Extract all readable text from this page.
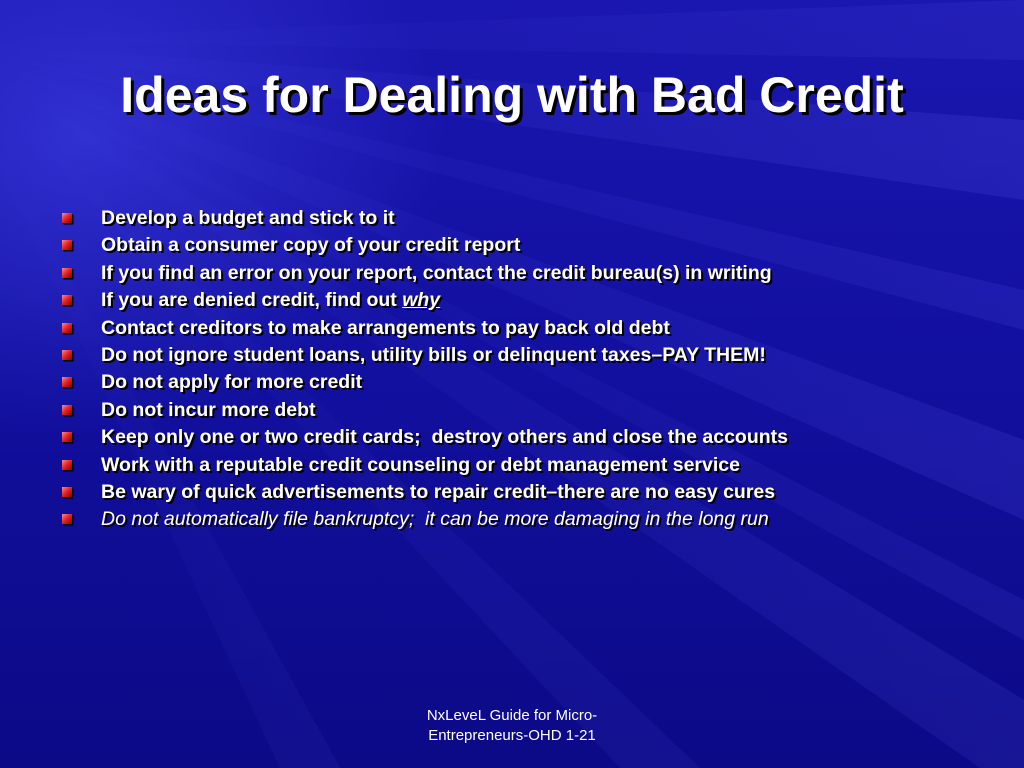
Ideas for Dealing with Bad Credit
Develop a budget and stick to it
Obtain a consumer copy of your credit report
If you find an error on your report, contact the credit bureau(s) in writing
If you are denied credit, find out why
Contact creditors to make arrangements to pay back old debt
Do not ignore student loans, utility bills or delinquent taxes–PAY THEM!
Do not apply for more credit
Do not incur more debt
Keep only one or two credit cards;  destroy others and close the accounts
Work with a reputable credit counseling or debt management service
Be wary of quick advertisements to repair credit–there are no easy cures
Do not automatically file bankruptcy;  it can be more damaging in the long run
NxLeveL Guide for Micro-
Entrepreneurs-OHD 1-21
